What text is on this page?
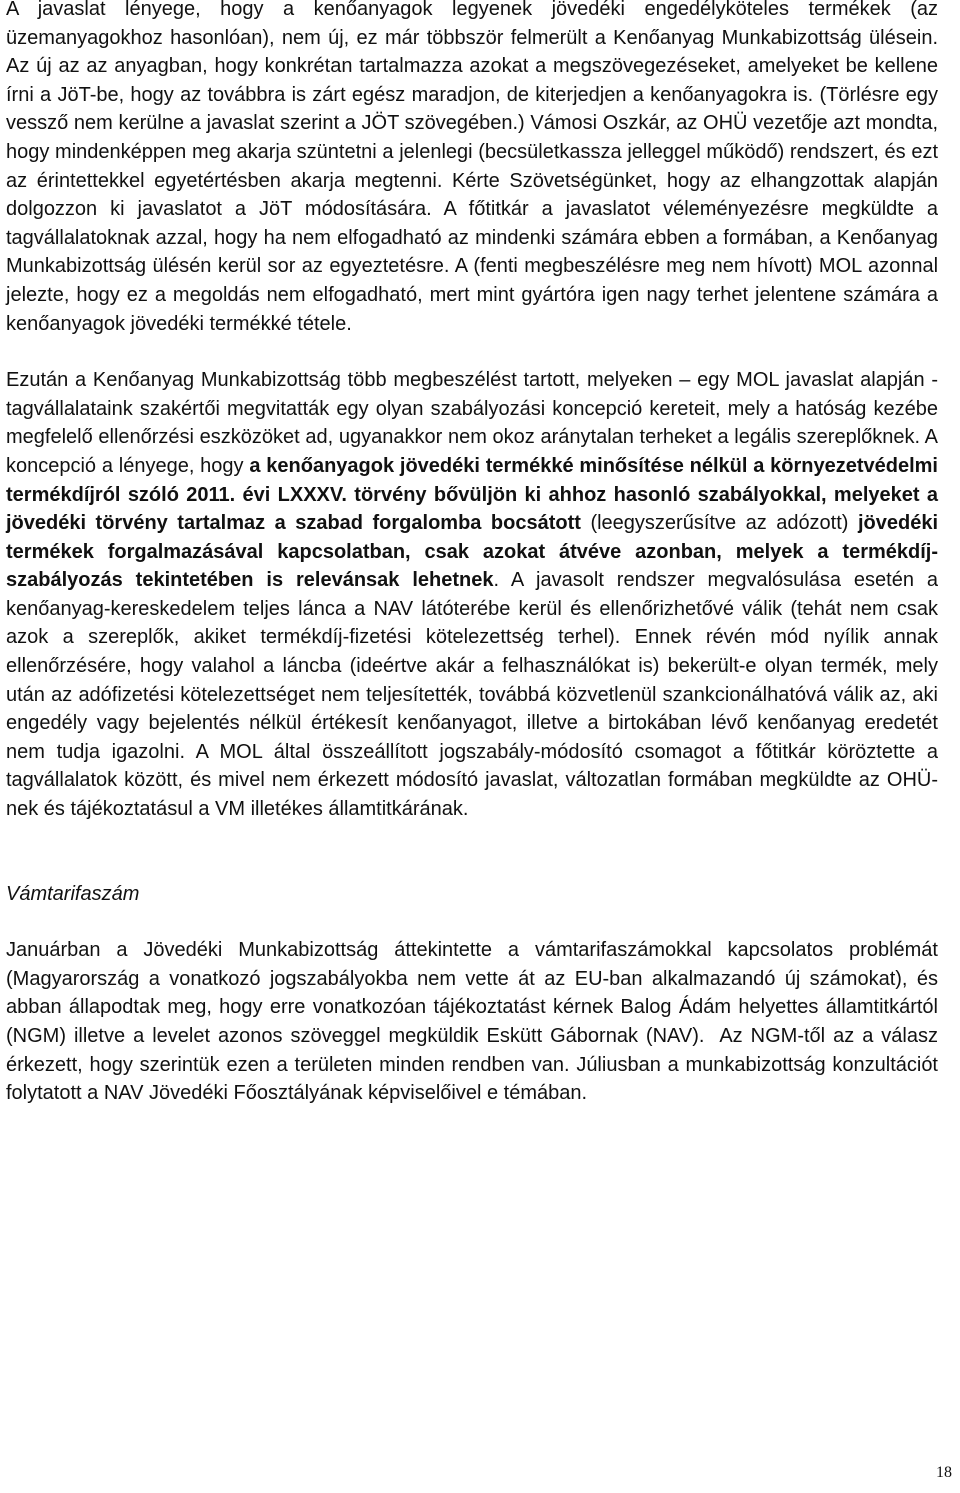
A javaslat lényege, hogy a kenőanyagok legyenek jövedéki engedélyköteles termékek (az üzemanyagokhoz hasonlóan), nem új, ez már többször felmerült a Kenőanyag Munkabizottság ülésein. Az új az az anyagban, hogy konkrétan tartalmazza azokat a megszövegezéseket, amelyeket be kellene írni a JöT-be, hogy az továbbra is zárt egész maradjon, de kiterjedjen a kenőanyagokra is. (Törlésre egy vessző nem kerülne a javaslat szerint a JÖT szövegében.) Vámosi Oszkár, az OHÜ vezetője azt mondta, hogy mindenképpen meg akarja szüntetni a jelenlegi (becsületkassza jelleggel működő) rendszert, és ezt az érintettekkel egyetértésben akarja megtenni. Kérte Szövetségünket, hogy az elhangzottak alapján dolgozzon ki javaslatot a JöT módosítására. A főtitkár a javaslatot véleményezésre megküldte a tagvállalatoknak azzal, hogy ha nem elfogadható az mindenki számára ebben a formában, a Kenőanyag Munkabizottság ülésén kerül sor az egyeztetésre. A (fenti megbeszélésre meg nem hívott) MOL azonnal jelezte, hogy ez a megoldás nem elfogadható, mert mint gyártóra igen nagy terhet jelentene számára a kenőanyagok jövedéki termékké tétele.

Ezután a Kenőanyag Munkabizottság több megbeszélést tartott, melyeken – egy MOL javaslat alapján - tagvállalataink szakértői megvitatták egy olyan szabályozási koncepció kereteit, mely a hatóság kezébe megfelelő ellenőrzési eszközöket ad, ugyanakkor nem okoz aránytalan terheket a legális szereplőknek. A koncepció a lényege, hogy a kenőanyagok jövedéki termékké minősítése nélkül a környezetvédelmi termékdíjról szóló 2011. évi LXXXV. törvény bővüljön ki ahhoz hasonló szabályokkal, melyeket a jövedéki törvény tartalmaz a szabad forgalomba bocsátott (leegyszerűsítve az adózott) jövedéki termékek forgalmazásával kapcsolatban, csak azokat átvéve azonban, melyek a termékdíj-szabályozás tekintetében is relevánsak lehetnek. A javasolt rendszer megvalósulása esetén a kenőanyag-kereskedelem teljes lánca a NAV látóterébe kerül és ellenőrizhetővé válik (tehát nem csak azok a szereplők, akiket termékdíj-fizetési kötelezettség terhel). Ennek révén mód nyílik annak ellenőrzésére, hogy valahol a láncba (ideértve akár a felhasználókat is) bekerült-e olyan termék, mely után az adófizetési kötelezettséget nem teljesítették, továbbá közvetlenül szankcionálhatóvá válik az, aki engedély vagy bejelentés nélkül értékesít kenőanyagot, illetve a birtokában lévő kenőanyag eredetét nem tudja igazolni. A MOL által összeállított jogszabály-módosító csomagot a főtitkár köröztette a tagvállalatok között, és mivel nem érkezett módosító javaslat, változatlan formában megküldte az OHÜ-nek és tájékoztatásul a VM illetékes államtitkárának.

Vámtarifaszám

Januárban a Jövedéki Munkabizottság áttekintette a vámtarifaszámokkal kapcsolatos problémát (Magyarország a vonatkozó jogszabályokba nem vette át az EU-ban alkalmazandó új számokat), és abban állapodtak meg, hogy erre vonatkozóan tájékoztatást kérnek Balog Ádám helyettes államtitkártól (NGM) illetve a levelet azonos szöveggel megküldik Eskütt Gábornak (NAV). Az NGM-től az a válasz érkezett, hogy szerintük ezen a területen minden rendben van. Júliusban a munkabizottság konzultációt folytatott a NAV Jövedéki Főosztályának képviselőivel e témában.

18
